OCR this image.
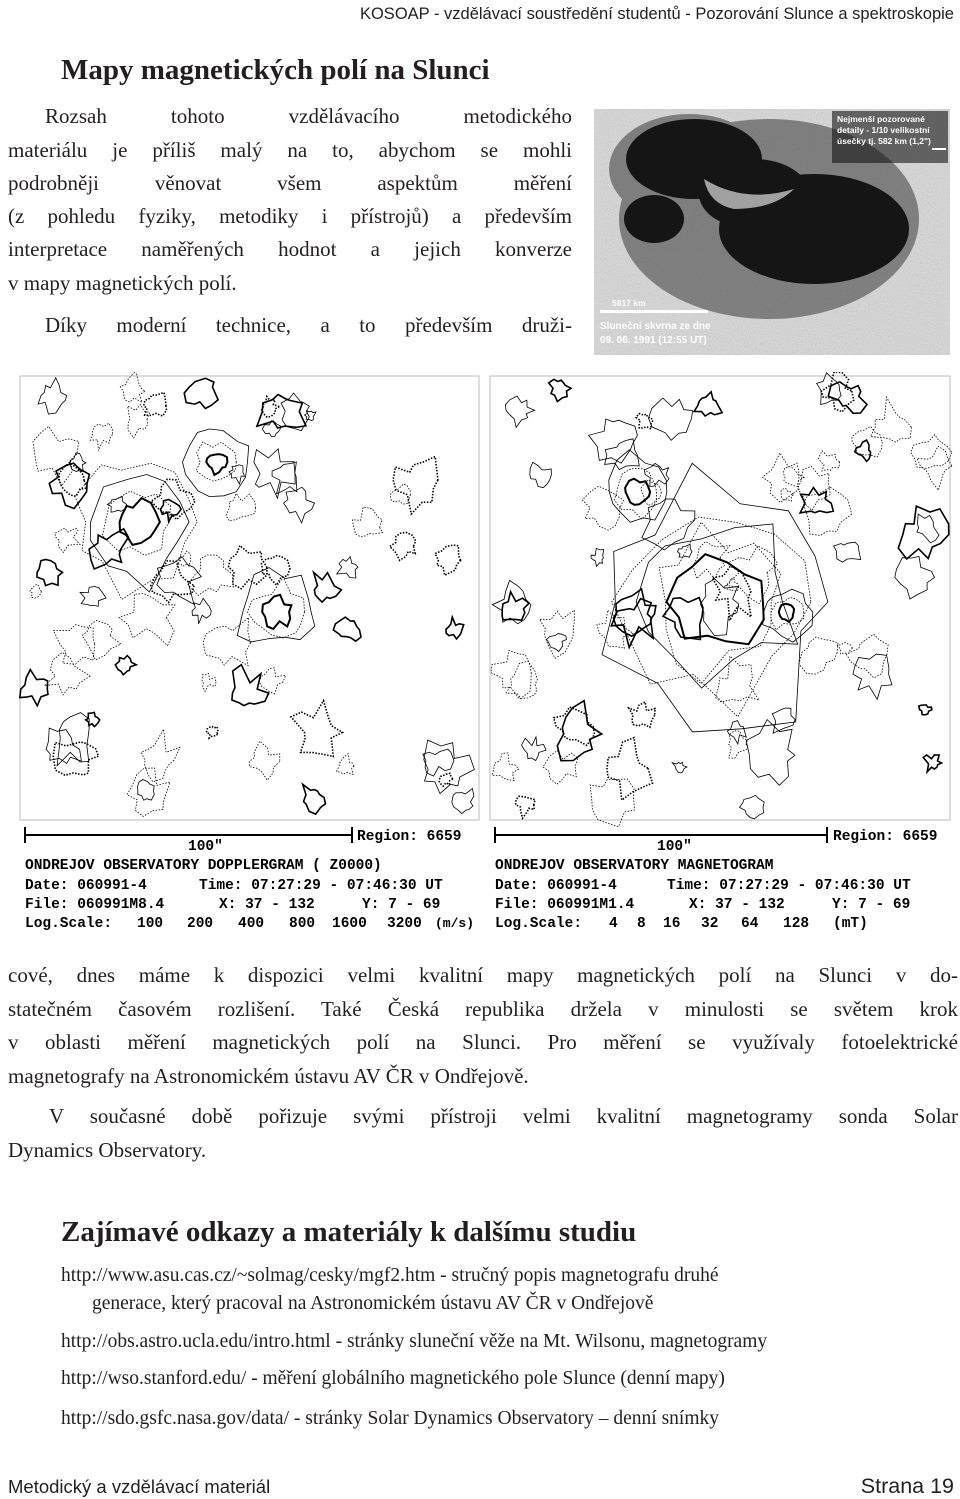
KOSOAP - vzdělávací soustředění studentů - Pozorování Slunce a spektroskopie
Mapy magnetických polí na Slunci
Rozsah tohoto vzdělávacího metodického
materiálu je příliš malý na to, abychom se mohli
podrobněji věnovat všem aspektům měření
(z pohledu fyziky, metodiky i přístrojů) a především
interpretace naměřených hodnot a jejich konverze
v mapy magnetických polí.
Díky moderní technice, a to především druži-
Nejmenší pozorované
detaily - 1/10 velikostní
úsečky tj. 582 km (1,2")
5817 km
Sluneční skvrna ze dne
09. 06. 1991 (12:55 UT)
100"
Region: 6659
ONDREJOV OBSERVATORY DOPPLERGRAM ( Z0000)
Date: 060991-4	Time: 07:27:29 - 07:46:30 UT
File: 060991M8.4	X: 37 - 132	Y: 7 - 69
Log.Scale: 100 200 400 800 1600 3200 (m/s)
100"
Region: 6659
ONDREJOV OBSERVATORY MAGNETOGRAM
Date: 060991-4	Time: 07:27:29 - 07:46:30 UT
File: 060991M1.4	X: 37 - 132	Y: 7 - 69
Log.Scale: 4 8 16 32 64 128 (mT)
cové, dnes máme k dispozici velmi kvalitní mapy magnetických polí na Slunci v do-
statečném časovém rozlišení. Také Česká republika držela v minulosti se světem krok
v oblasti měření magnetických polí na Slunci. Pro měření se využívaly fotoelektrické
magnetografy na Astronomickém ústavu AV ČR v Ondřejově.
V současné době pořizuje svými přístroji velmi kvalitní magnetogramy sonda Solar
Dynamics Observatory.
Zajímavé odkazy a materiály k dalšímu studiu
http://www.asu.cas.cz/~solmag/cesky/mgf2.htm - stručný popis magnetografu druhé
generace, který pracoval na Astronomickém ústavu AV ČR v Ondřejově
http://obs.astro.ucla.edu/intro.html - stránky sluneční věže na Mt. Wilsonu, magnetogramy
http://wso.stanford.edu/ - měření globálního magnetického pole Slunce (denní mapy)
http://sdo.gsfc.nasa.gov/data/ - stránky Solar Dynamics Observatory – denní snímky
Metodický a vzdělávací materiál	Strana 19
